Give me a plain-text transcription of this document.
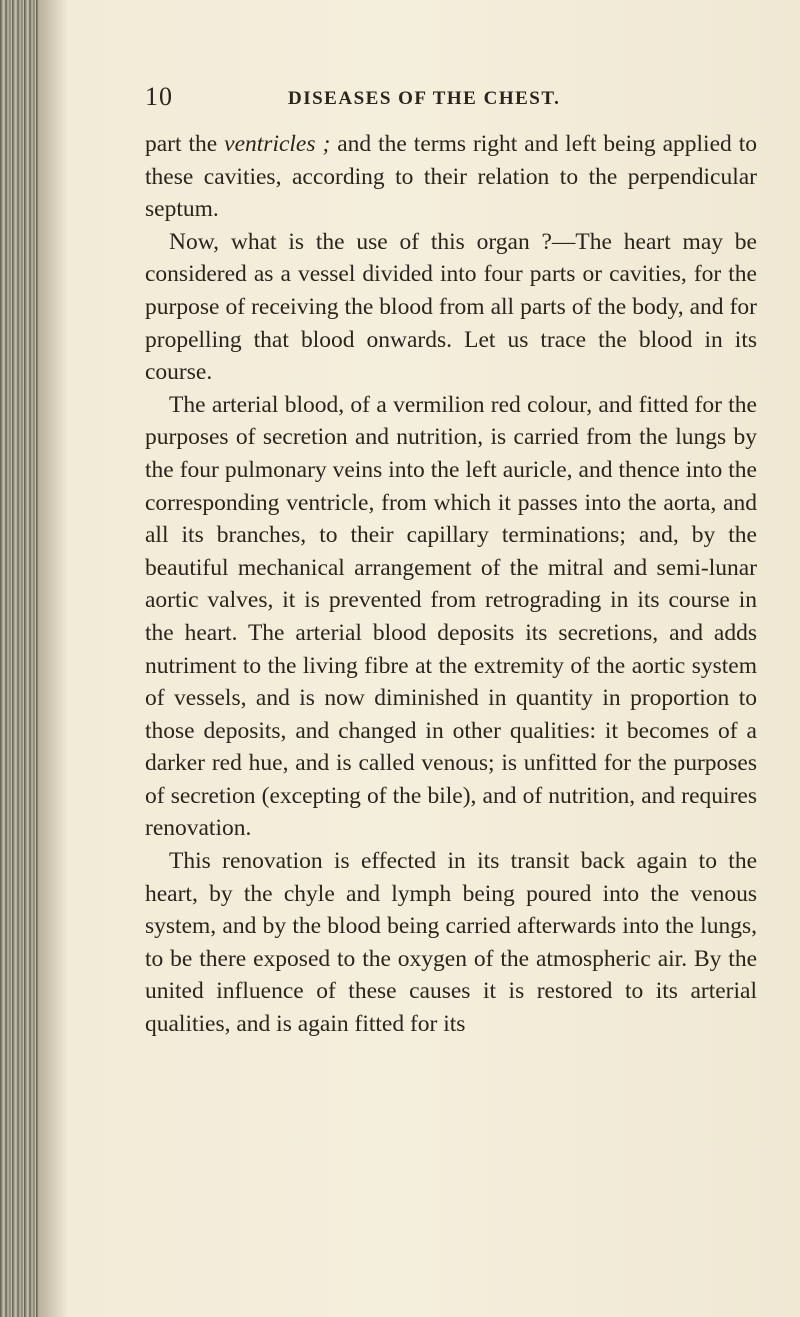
10	DISEASES OF THE CHEST.

part the ventricles ; and the terms right and left being applied to these cavities, according to their relation to the perpendicular septum.

Now, what is the use of this organ ?—The heart may be considered as a vessel divided into four parts or cavities, for the purpose of receiving the blood from all parts of the body, and for propelling that blood onwards. Let us trace the blood in its course.

The arterial blood, of a vermilion red colour, and fitted for the purposes of secretion and nutrition, is carried from the lungs by the four pulmonary veins into the left auricle, and thence into the corresponding ventricle, from which it passes into the aorta, and all its branches, to their capillary terminations; and, by the beautiful mechanical arrangement of the mitral and semi-lunar aortic valves, it is prevented from retrograding in its course in the heart. The arterial blood deposits its secretions, and adds nutriment to the living fibre at the extremity of the aortic system of vessels, and is now diminished in quantity in proportion to those deposits, and changed in other qualities: it becomes of a darker red hue, and is called venous; is unfitted for the purposes of secretion (excepting of the bile), and of nutrition, and requires renovation.

This renovation is effected in its transit back again to the heart, by the chyle and lymph being poured into the venous system, and by the blood being carried afterwards into the lungs, to be there exposed to the oxygen of the atmospheric air. By the united influence of these causes it is restored to its arterial qualities, and is again fitted for its
